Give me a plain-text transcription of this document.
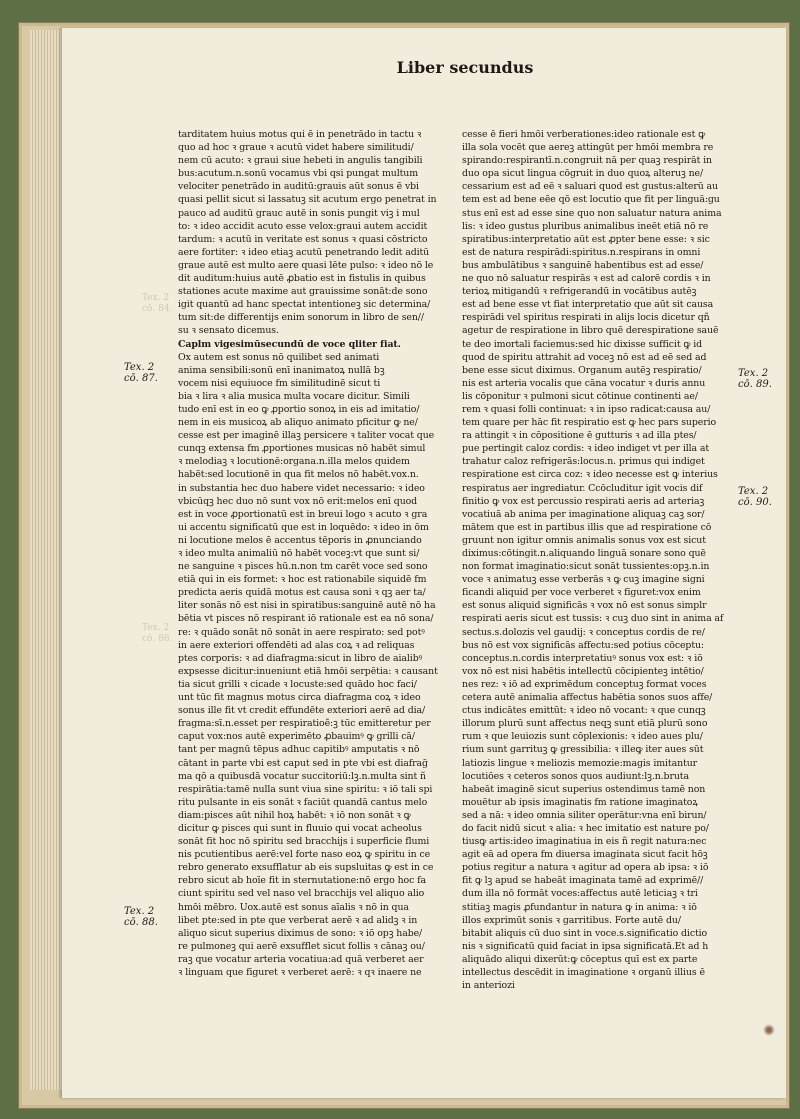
Tex. 2
cō. 84.
Tex. 2
cō. 86.
Liber secundus
Tex. 2
cō. 87.
Tex. 2
cō. 88.
Tex. 2
cō. 89.
Tex. 2
cō. 90.
tarditatem huius motus qui ē in penetrādo in tactu ꝛ
quo ad hoc ꝛ graue ꝛ acutū videt habere similitudi/
nem cū acuto: ꝛ graui siue hebeti in angulis tangibili
bus:acutum.n.sonū vocamus vbi qsi pungat multum
velociter penetrādo in auditū:grauis aūt sonus ē vbi
quasi pellit sicut si lassatuꝫ sit acutum ergo penetrat in
pauco ad auditū grauc autē in sonis pungit viꝫ i mul
to: ꝛ ideo accidit acuto esse velox:graui autem accidit
tardum: ꝛ acutū in veritate est sonus ꝛ quasi cōstricto
aere fortiter: ꝛ ideo etiaꝫ acutū penetrando ledit aditū
graue autē est multo aere quasi lēte pulso: ꝛ ideo nō le
dit auditum:huius autē ꝓbatio est in fistulis in quibus
stationes acute maxime aut grauissime sonāt:de sono
igit quantū ad hanc spectat intentioneꝫ sic determina/
tum sit:de differentijs enim sonorum in libro de sen//
su ꝛ sensato dicemus.
Caplm vigesimūsecundū de voce qliter fiat.
Ox autem est sonus nō quilibet sed animati
anima sensibili:sonū enī inanimatoꝝ nullā bꝫ
vocem nisi equiuoce fm similitudinē sicut ti
bia ꝛ lira ꝛ alia musica multa vocare dicitur. Simili
tudo enī est in eo ꝙ ꝓportio sonoꝝ in eis ad imitatio/
nem in eis musicoꝝ ab aliquo animato pficitur ꝙ ne/
cesse est per imaginē illaꝫ persicere ꝛ taliter vocat que
cunqꝫ extensa fm ꝓportiones musicas nō habēt simul
ꝛ melodiaꝫ ꝛ locutionē:organa.n.illa melos quidem
habēt:sed locutionē in qua fit melos nō habēt.vox.n.
in substantia hec duo habere videt necessario: ꝛ ideo
vbicūqꝫ hec duo nō sunt vox nō erit:melos enī quod
est in voce ꝓportionatū est in breui logo ꝛ acuto ꝛ gra
ui accentu significatū que est in loquēdo: ꝛ ideo in ōm
ni locutione melos ē accentus tēporis in ꝓnunciando
ꝛ ideo multa animaliū nō habēt voceꝫ:vt que sunt si/
ne sanguine ꝛ pisces hū.n.non tm carēt voce sed sono
etiā qui in eis formet: ꝛ hoc est rationabile siquidē fm
predicta aeris quidā motus est causa soni ꝛ qꝫ aer ta/
liter sonās nō est nisi in spiratibus:sanguinē autē nō ha
bētia vt pisces nō respirant iō rationale est ea nō sona/
re: ꝛ quādo sonāt nō sonāt in aere respirato: sed potꝰ
in aere exteriori offendēti ad alas coꝝ ꝛ ad reliquas
ptes corporis: ꝛ ad diafragma:sicut in libro de aialibꝰ
expsesse dicitur:inueniunt etiā hmōi serpētia: ꝛ causant
tia sicut grilli ꝛ cicade ꝛ locuste:sed quādo hoc faci/
unt tūc fit magnus motus circa diafragma coꝝ ꝛ ideo
sonus ille fit vt credit effundēte exteriori aerē ad dia/
fragma:sī.n.esset per respiratioẽ:ꝫ tūc emitteretur per
caput vox:nos autē experimēto ꝓbauimꝰ ꝙ grilli cā/
tant per magnū tēpus adhuc capitibꝰ amputatis ꝛ nō
cātant in parte vbi est caput sed in pte vbi est diafraḡ
ma qō a quibusdā vocatur succitoriū:lꝫ.n.multa sint ñ
respirātia:tamē nulla sunt viua sine spiritu: ꝛ iō tali spi
ritu pulsante in eis sonāt ꝛ faciūt quandā cantus melo
diam:pisces aūt nihil hoꝝ habēt: ꝛ iō non sonāt ꝛ ꝙ
dicitur ꝙ pisces qui sunt in fluuio qui vocat acheolus
sonāt fit hoc nō spiritu sed bracchijs i superficie flumi
nis pcutientibus aerē:vel forte naso eoꝝ ꝙ spiritu in ce
rebro generato exsufflatur ab eis supsluitas ꝙ est in ce
rebro sicut ab hoīe fit in sternutatione:nō ergo hoc fa
ciunt spiritu sed vel naso vel bracchijs vel aliquo alio
hmōi mēbro. Uox.autē est sonus aīalis ꝛ nō in qua
libet pte:sed in pte que verberat aerē ꝛ ad alidꝫ ꝛ in
aliquo sicut superius diximus de sono: ꝛ iō opꝫ habe/
re pulmoneꝫ qui aerē exsufflet sicut follis ꝛ cānaꝫ ou/
raꝫ que vocatur arteria vocatiua:ad quā verberet aer
ꝛ linguam que figuret ꝛ verberet aerē: ꝛ qꝛ inaere ne
cesse ē fieri hmōi verberationes:ideo rationale est ꝙ
illa sola vocēt que aereꝫ attingūt per hmōi membra re
spirando:respirantī.n.congruit nā per quaꝫ respirāt in
duo opa sicut lingua cōgruit in duo quoꝝ alteruꝫ ne/
cessarium est ad eē ꝛ saluari quod est gustus:alterū au
tem est ad bene eēe qō est locutio que fit per linguā:gu
stus enī est ad esse sine quo non saluatur natura anima
lis: ꝛ ideo gustus pluribus animalibus ineēt etiā nō re
spiratibus:interpretatio aūt est ꝓpter bene esse: ꝛ sic
est de natura respirādi:spiritus.n.respirans in omni
bus ambulātibus ꝛ sanguinē habentibus est ad esse/
ne quo nō saluatur respirās ꝛ est ad calorē cordis ꝛ in
terioꝝ mitigandū ꝛ refrigerandū in vocātibus autēꝫ
est ad bene esse vt fiat interpretatio que aūt sit causa
respirādi vel spiritus respirati in alijs locis dicetur qñ
agetur de respiratione in libro quē derespiratione sauē
te deo imortali faciemus:sed hic dixisse sufficit ꝙ id
quod de spiritu attrahit ad voceꝫ nō est ad eē sed ad
bene esse sicut diximus. Organum autēꝫ respiratio/
nis est arteria vocalis que cāna vocatur ꝛ duris annu
lis cōponitur ꝛ pulmoni sicut cōtinue continenti ae/
rem ꝛ quasi folli continuat: ꝛ in ipso radicat:causa au/
tem quare per hāc fit respiratio est ꝙ hec pars superio
ra attingit ꝛ in cōpositione ē gutturis ꝛ ad illa ptes/
pue pertingit caloz cordis: ꝛ ideo indiget vt per illa at
trahatur caloz refrigerās:locus.n. primus qui indiget
respiratione est circa coz: ꝛ ideo necesse est ꝙ interius
respiratus aer ingrediatur. Ccōcluditur igit vocis dif
finitio ꝙ vox est percussio respirati aeris ad arteriaꝫ
vocatiuā ab anima per imaginatione aliquaꝫ caꝫ sor/
mātem que est in partibus illis que ad respiratione cō
gruunt non igitur omnis animalis sonus vox est sicut
diximus:cōtingit.n.aliquando linguā sonare sono quē
non format imaginatio:sicut sonāt tussientes:opꝫ.n.in
voce ꝛ animatuꝫ esse verberās ꝛ ꝙ cuꝫ imagine signi
ficandi aliquid per voce verberet ꝛ figuret:vox enim
est sonus aliquid significās ꝛ vox nō est sonus simplr
respirati aeris sicut est tussis: ꝛ cuꝫ duo sint in anima af
sectus.s.dolozis vel gaudij: ꝛ conceptus cordis de re/
bus nō est vox significās affectu:sed potius cōceptu:
conceptus.n.cordis interpretatiuꝰ sonus vox est: ꝛ iō
vox nō est nisi habētis intellectū cōcipienteꝫ intētio/
nes rez: ꝛ iō ad exprimēdum conceptuꝫ format voces
cetera autē animalia affectus habētia sonos suos affe/
ctus indicātes emittūt: ꝛ ideo nō vocant: ꝛ que cunqꝫ
illorum plurū sunt affectus neqꝫ sunt etiā plurū sono
rum ꝛ que leuiozis sunt cōplexionis: ꝛ ideo aues plu/
rium sunt garrituꝫ ꝙ gressibilia: ꝛ illeꝙ iter aues sūt
latiozis lingue ꝛ meliozis memozie:magis imitantur
locutiōes ꝛ ceteros sonos quos audiunt:lꝫ.n.bruta
habeāt imaginē sicut superius ostendimus tamē non
mouētur ab ipsis imaginatis fm ratione imaginatoꝝ
sed a nā: ꝛ ideo omnia siliter operātur:vna enī birun/
do facit nidū sicut ꝛ alia: ꝛ hec imitatio est nature po/
tiusꝙ artis:ideo imaginatiua in eis ñ regit natura:nec
agit eā ad opera fm diuersa imaginata sicut facit hōꝫ
potius regitur a natura ꝛ agitur ad opera ab ipsa: ꝛ iō
fit ꝙ lꝫ apud se habeāt imaginata tamē ad exprimē//
dum illa nō formāt voces:affectus autē leticiaꝫ ꝛ tri
stitiaꝫ magis ꝓfundantur in natura ꝙ in anima: ꝛ iō
illos exprimūt sonis ꝛ garritibus. Forte autē du/
bitabit aliquis cū duo sint in voce.s.significatio dictio
nis ꝛ significatū quid faciat in ipsa significatā.Et ad h
aliquādo aliqui dixerūt:ꝙ cōceptus quī est ex parte
intellectus descēdit in imaginatione ꝛ organū illius ē
in anteriozi
